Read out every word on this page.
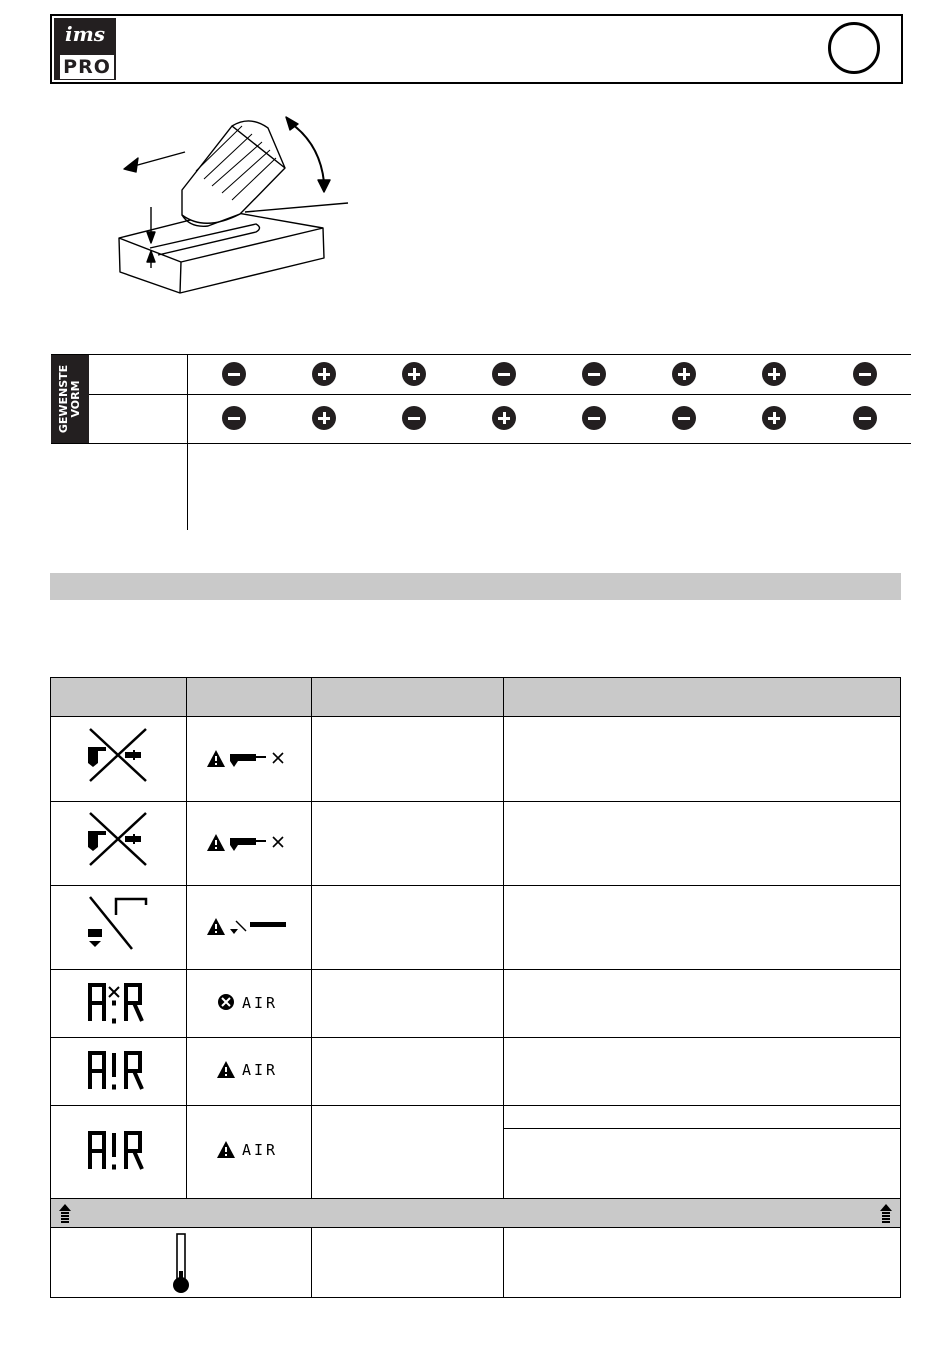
ims
PRO
GEWENSTE
VORM
AIR
AIR
AIR
